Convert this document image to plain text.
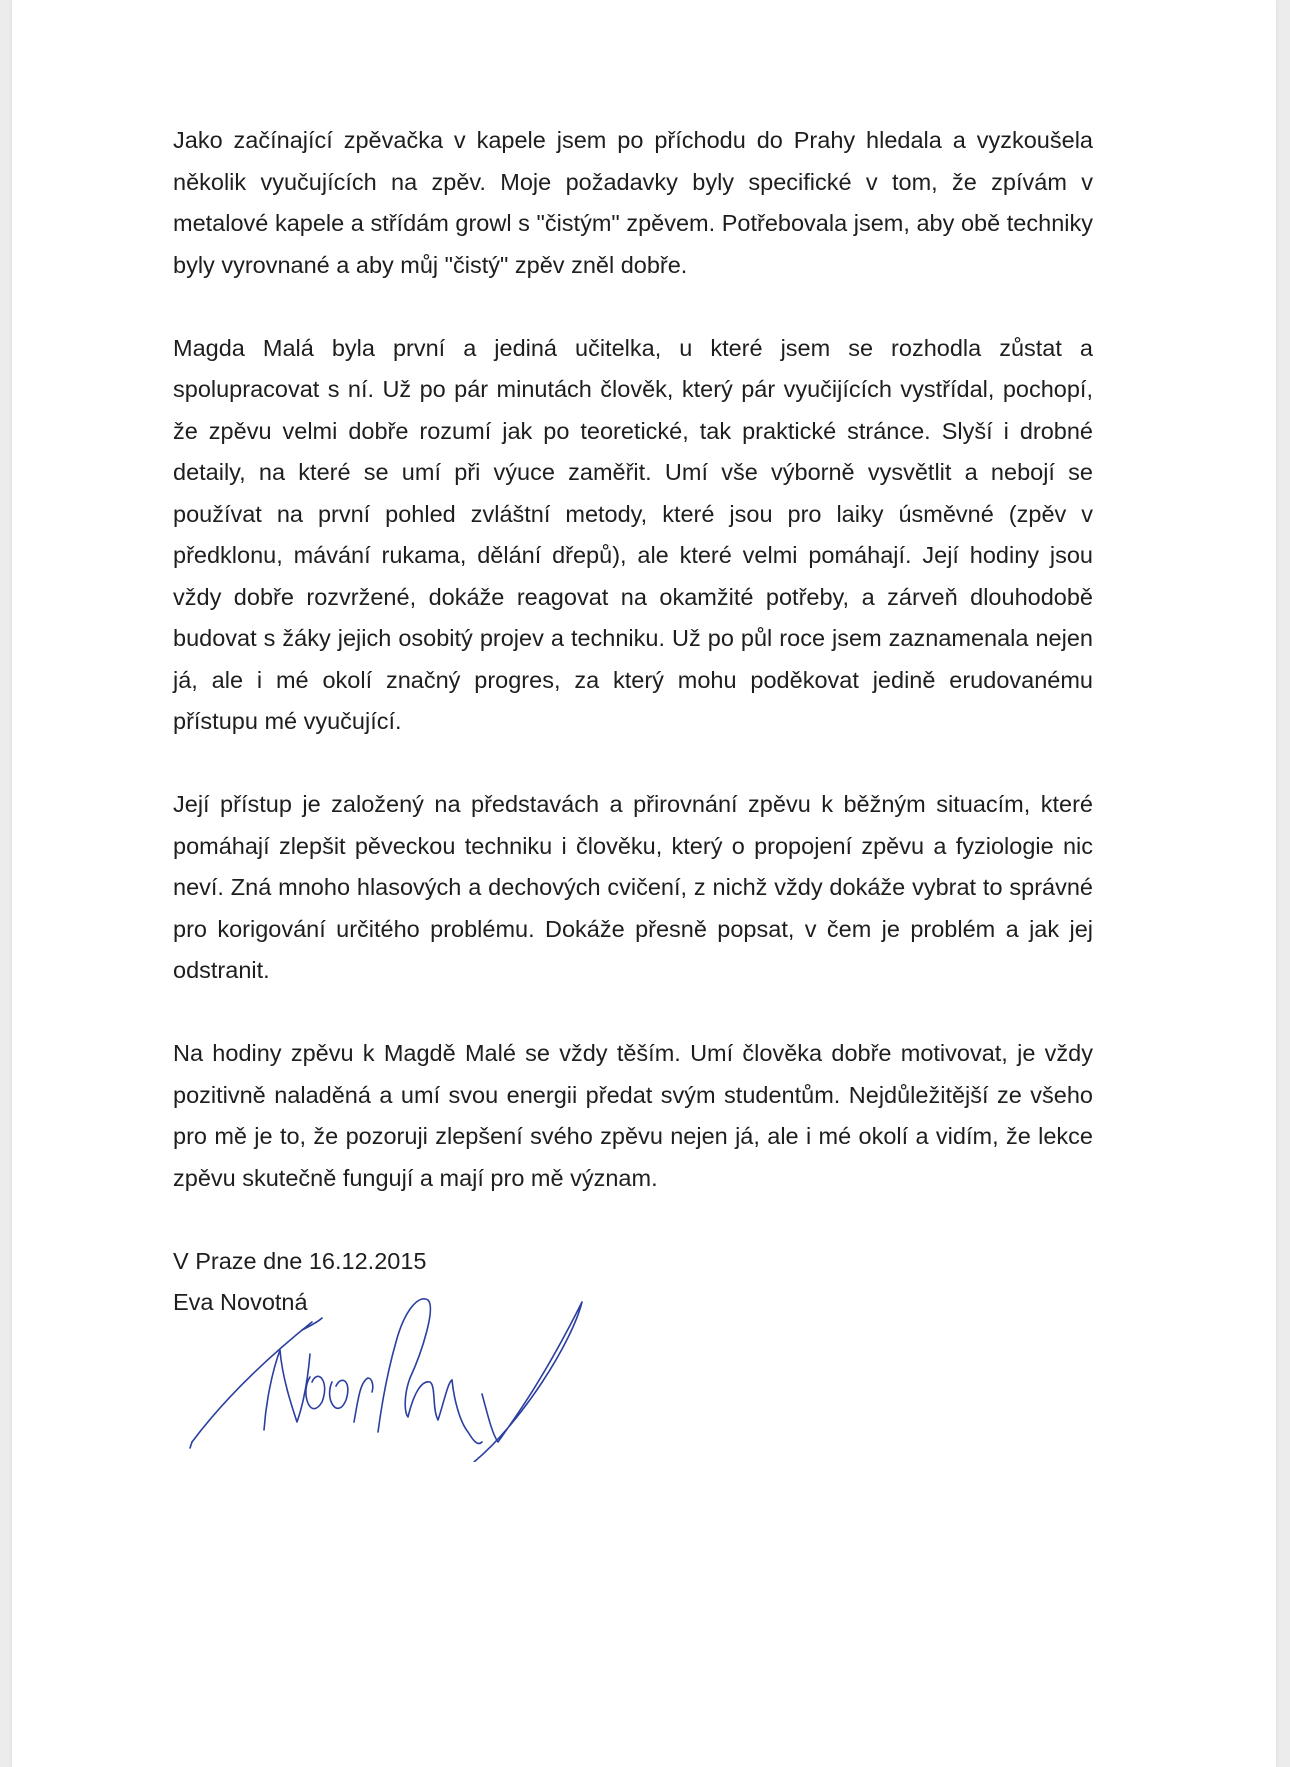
Jako začínající zpěvačka v kapele jsem po příchodu do Prahy hledala a vyzkoušela několik vyučujících na zpěv. Moje požadavky byly specifické v tom, že zpívám v metalové kapele a střídám growl s "čistým" zpěvem. Potřebovala jsem, aby obě techniky byly vyrovnané a aby můj "čistý" zpěv zněl dobře.

Magda Malá byla první a jediná učitelka, u které jsem se rozhodla zůstat a spolupracovat s ní. Už po pár minutách člověk, který pár vyučijících vystřídal, pochopí, že zpěvu velmi dobře rozumí jak po teoretické, tak praktické stránce. Slyší i drobné detaily, na které se umí při výuce zaměřit. Umí vše výborně vysvětlit a nebojí se používat na první pohled zvláštní metody, které jsou pro laiky úsměvné (zpěv v předklonu, mávání rukama, dělání dřepů), ale které velmi pomáhají. Její hodiny jsou vždy dobře rozvržené, dokáže reagovat na okamžité potřeby, a zárveň dlouhodobě budovat s žáky jejich osobitý projev a techniku. Už po půl roce jsem zaznamenala nejen já, ale i mé okolí značný progres, za který mohu poděkovat jedině erudovanému přístupu mé vyučující.

Její přístup je založený na představách a přirovnání zpěvu k běžným situacím, které pomáhají zlepšit pěveckou techniku i člověku, který o propojení zpěvu a fyziologie nic neví. Zná mnoho hlasových a dechových cvičení, z nichž vždy dokáže vybrat to správné pro korigování určitého problému. Dokáže přesně popsat, v čem je problém a jak jej odstranit.

Na hodiny zpěvu k Magdě Malé se vždy těším. Umí člověka dobře motivovat, je vždy pozitivně naladěná a umí svou energii předat svým studentům. Nejdůležitější ze všeho pro mě je to, že pozoruji zlepšení svého zpěvu nejen já, ale i mé okolí a vidím, že lekce zpěvu skutečně fungují a mají pro mě význam.

V Praze dne 16.12.2015

Eva Novotná
